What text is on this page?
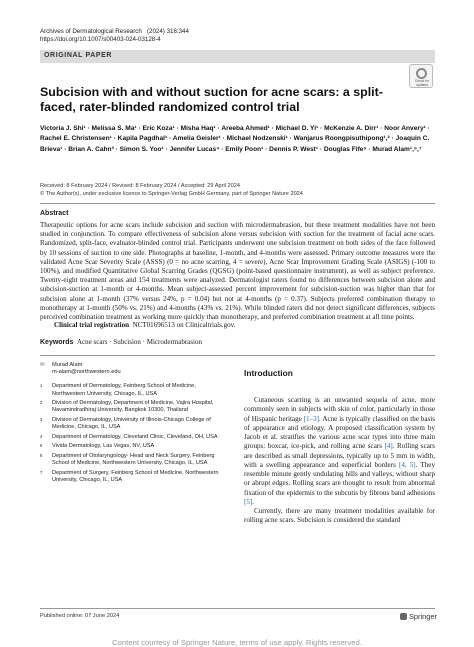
Archives of Dermatological Research (2024) 316:344
https://doi.org/10.1007/s00403-024-03128-4
ORIGINAL PAPER
Check for updates
Subcision with and without suction for acne scars: a split-faced, rater-blinded randomized control trial
Victoria J. Shi¹ · Melissa S. Ma¹ · Eric Koza¹ · Misha Haq¹ · Areeba Ahmed¹ · Michael D. Yi¹ · McKenzie A. Dirr¹ · Noor Anvery¹ · Rachel E. Christensen¹ · Kapila Pagdhal¹ · Amelia Geisler¹ · Michael Nodzenski¹ · Wanjarus Roongpisuthipong¹,² · Joaquin C. Brieva¹ · Brian A. Cahn³ · Simon S. Yoo¹ · Jennifer Lucas⁴ · Emily Poon¹ · Dennis P. West¹ · Douglas Fife⁵ · Murad Alam¹,⁶,⁷
Received: 8 February 2024 / Revised: 8 February 2024 / Accepted: 29 April 2024
© The Author(s), under exclusive licence to Springer-Verlag GmbH Germany, part of Springer Nature 2024
Abstract
Therapeutic options for acne scars include subcision and suction with microdermabrasion, but these treatment modalities have not been studied in conjunction. To compare effectiveness of subcision alone versus subcision with suction for the treatment of facial acne scars. Randomized, split-face, evaluator-blinded control trial. Participants underwent one subcision treatment on both sides of the face followed by 10 sessions of suction to one side. Photographs at baseline, 1-month, and 4-months were assessed. Primary outcome measures were the validated Acne Scar Severity Scale (ASSS) (0 = no acne scarring, 4 = severe), Acne Scar Improvement Grading Scale (ASIGS) (-100 to 100%), and modified Quantitative Global Scarring Grades (QGSG) (point-based questionnaire instrument), as well as subject preference. Twenty-eight treatment areas and 154 treatments were analyzed. Dermatologist raters found no differences between subcision alone and subcision-suction at 1-month or 4-months. Mean subject-assessed percent improvement for subcision-suction was higher than that for subcision alone at 1-month (37% versus 24%, p = 0.04) but not at 4-months (p = 0.37). Subjects preferred combination therapy to monotherapy at 1-month (50% vs. 21%) and 4-months (43% vs. 21%). While blinded raters did not detect significant differences, subjects perceived combination treatment as working more quickly than monotherapy, and preferred combination treatment at all time points.
Clinical trial registration NCT01696513 on Clinicaltrials.gov.
Keywords Acne scars · Subcision · Microdermabrasion
✉ Murad Alam
m-alam@northwestern.edu
1 Department of Dermatology, Feinberg School of Medicine, Northwestern University, Chicago, IL, USA
2 Division of Dermatology, Department of Medicine, Vajira Hospital, Navamindradhiraj University, Bangkok 10300, Thailand
3 Division of Dermatology, University of Illinois-Chicago College of Medicine, Chicago, IL, USA
4 Department of Dermatology, Cleveland Clinic, Cleveland, OH, USA
5 Vivida Dermatology, Las Vegas, NV, USA
6 Department of Otolaryngology- Head and Neck Surgery, Feinberg School of Medicine, Northwestern University, Chicago, IL, USA
7 Department of Surgery, Feinberg School of Medicine, Northwestern University, Chicago, IL, USA
Introduction

Cutaneous scarring is an unwanted sequela of acne, more commonly seen in subjects with skin of color, particularly in those of Hispanic heritage [1–3]. Acne is typically classified on the basis of appearance and etiology. A proposed classification system by Jacob et al. stratifies the various acne scar types into three main groups: boxcar, ice-pick, and rolling acne scars [4]. Rolling scars are described as small depressions, typically up to 5 mm in width, with a swelling appearance and superficial borders [4, 5]. They resemble minute gently undulating hills and valleys, without sharp or abrupt edges. Rolling scars are thought to result from abnormal fixation of the epidermis to the subcutis by fibrous band adhesions [5].

Currently, there are many treatment modalities available for rolling acne scars. Subcision is considered the standard

Published online: 07 June 2024	Springer
Content courtesy of Springer Nature, terms of use apply. Rights reserved.
